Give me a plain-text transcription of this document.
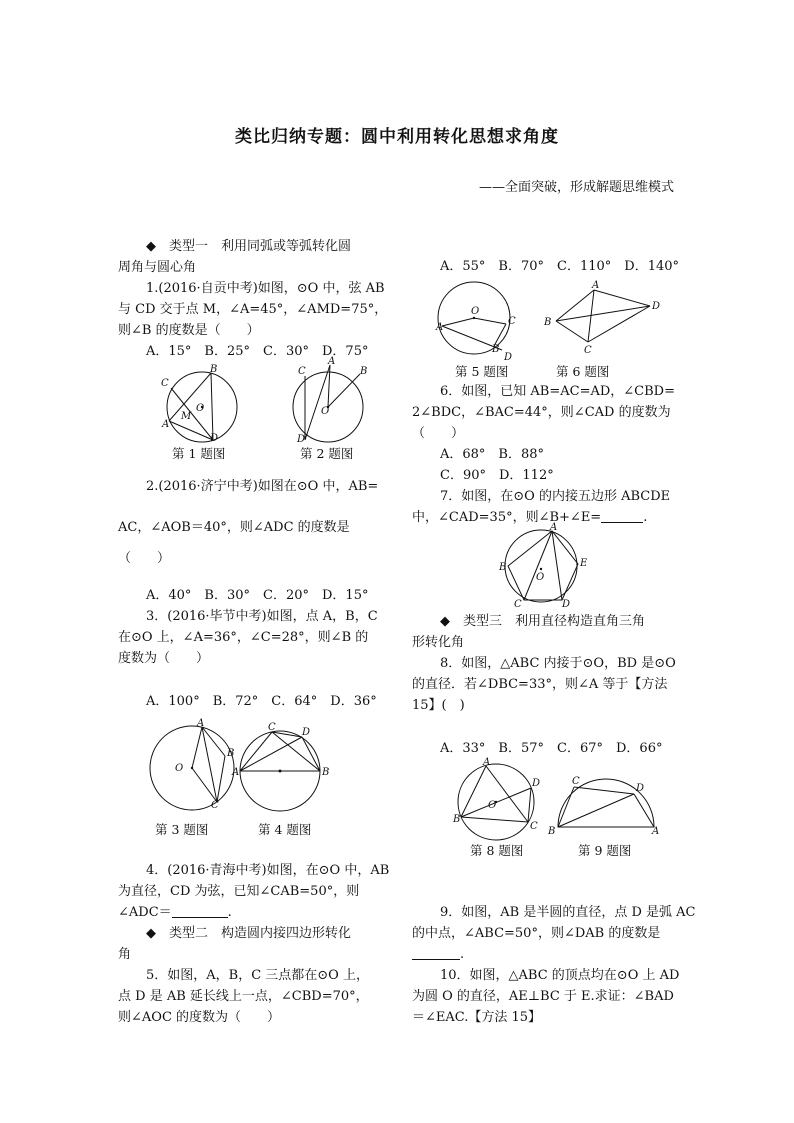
类比归纳专题：圆中利用转化思想求角度
——全面突破，形成解题思维模式
◆　类型一　利用同弧或等弧转化圆
周角与圆心角
1.(2016·自贡中考)如图，⊙O 中，弦 AB
与 CD 交于点 M，∠A=45°，∠AMD=75°，
则∠B 的度数是（　　）
A．15°　B．25°　C．30°　D．75°
B
C
A
M
O
D
C
A
B
O
D
第 1 题图	第 2 题图
2.(2016·济宁中考)如图在⊙O 中，AB=
AC，∠AOB＝40°，则∠ADC 的度数是
（　　）
A．40°　B．30°　C．20°　D．15°
3．(2016·毕节中考)如图，点 A，B，C
在⊙O 上，∠A=36°，∠C=28°，则∠B 的
度数为（　　）
A．100°　B．72°　C．64°　D．36°
A
B
O
C
C	D
A	B
第 3 题图	第 4 题图
4．(2016·青海中考)如图，在⊙O 中，AB
为直径，CD 为弦，已知∠CAB=50°，则
∠ADC＝	.
◆　类型二　构造圆内接四边形转化
角
5．如图，A，B，C 三点都在⊙O 上，
点 D 是 AB 延长线上一点，∠CBD=70°，
则∠AOC 的度数为（　　）
A．55°　B．70°　C．110°　D．140°
A
O
C
B
D
A
B
D
C
第 5 题图	第 6 题图
6．如图，已知 AB=AC=AD，∠CBD=
2∠BDC，∠BAC=44°，则∠CAD 的度数为
（　　）
A．68°　B．88°
C．90°　D．112°
7．如图，在⊙O 的内接五边形 ABCDE
中，∠CAD=35°，则∠B+∠E=	.
A
B
O
E
C	D
◆　类型三　利用直径构造直角三角
形转化角
8．如图，△ABC 内接于⊙O，BD 是⊙O
的直径．若∠DBC=33°，则∠A 等于【方法
15】(　)
A．33°　B．57°　C．67°　D．66°
A
D
O
B
C
C
D
B	A
第 8 题图	第 9 题图
9．如图，AB 是半圆的直径，点 D 是弧 AC
的中点，∠ABC=50°，则∠DAB 的度数是
.
10．如图，△ABC 的顶点均在⊙O 上 AD
为圆 O 的直径，AE⊥BC 于 E.求证：∠BAD
＝∠EAC.【方法 15】
